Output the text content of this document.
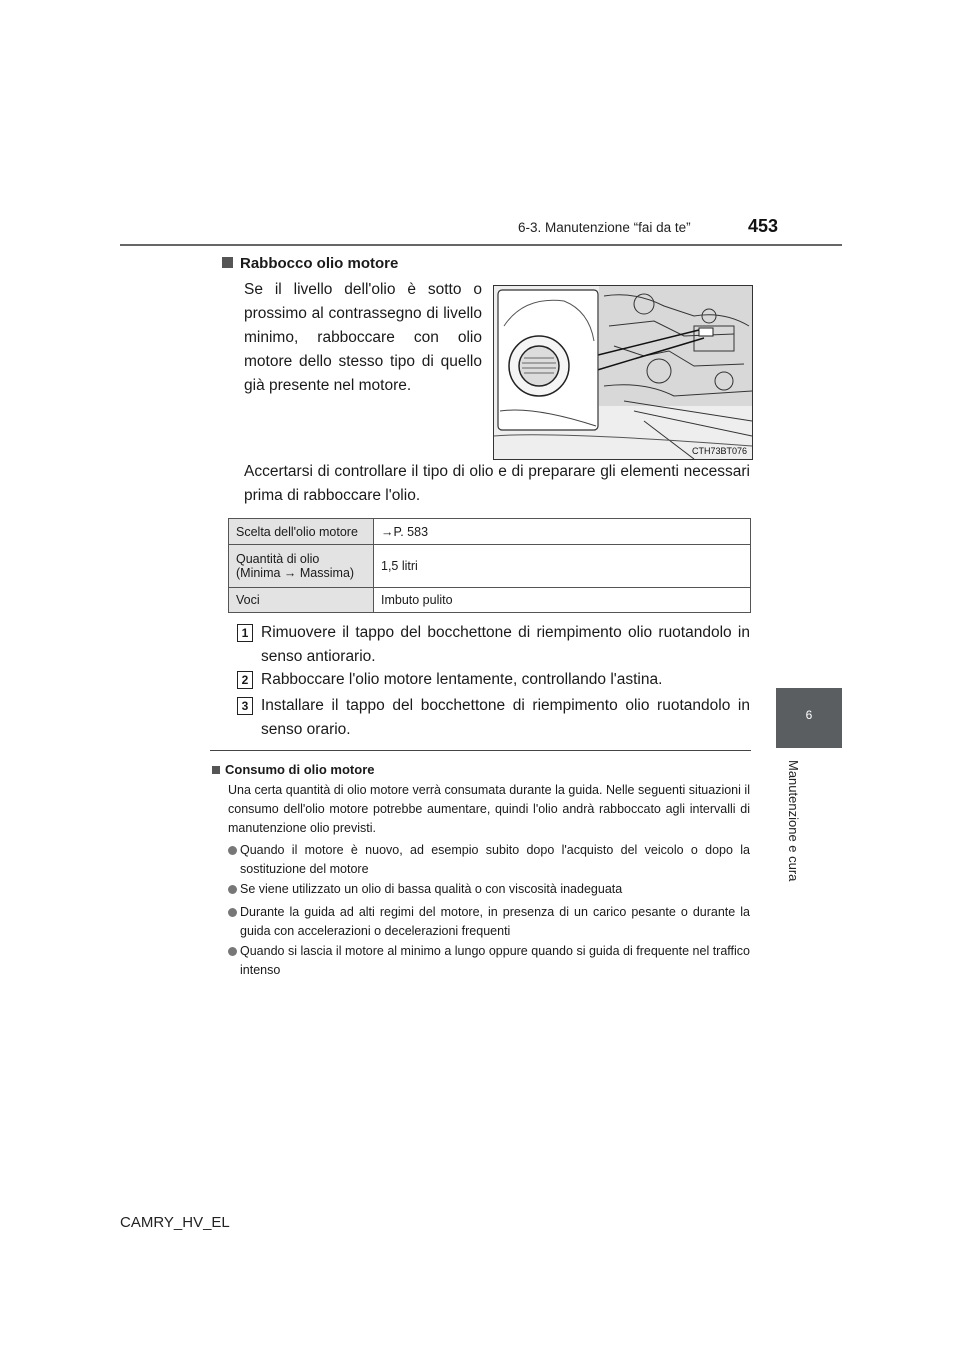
6-3. Manutenzione “fai da te”	453
6
Manutenzione e cura
Rabbocco olio motore
Se il livello dell'olio è sotto o prossimo al contrassegno di livello minimo, rabboccare con olio motore dello stesso tipo di quello già presente nel motore.
CTH73BT076
Accertarsi di controllare il tipo di olio e di preparare gli elementi necessari prima di rabboccare l'olio.
Scelta dell'olio motore	→P. 583
Quantità di olio (Minima → Massima)	1,5 litri
Voci	Imbuto pulito
1 Rimuovere il tappo del bocchettone di riempimento olio ruotandolo in senso antiorario.
2 Rabboccare l'olio motore lentamente, controllando l'astina.
3 Installare il tappo del bocchettone di riempimento olio ruotandolo in senso orario.
Consumo di olio motore
Una certa quantità di olio motore verrà consumata durante la guida. Nelle seguenti situazioni il consumo dell'olio motore potrebbe aumentare, quindi l'olio andrà rabboccato agli intervalli di manutenzione olio previsti.
Quando il motore è nuovo, ad esempio subito dopo l'acquisto del veicolo o dopo la sostituzione del motore
Se viene utilizzato un olio di bassa qualità o con viscosità inadeguata
Durante la guida ad alti regimi del motore, in presenza di un carico pesante o durante la guida con accelerazioni o decelerazioni frequenti
Quando si lascia il motore al minimo a lungo oppure quando si guida di frequente nel traffico intenso
CAMRY_HV_EL
